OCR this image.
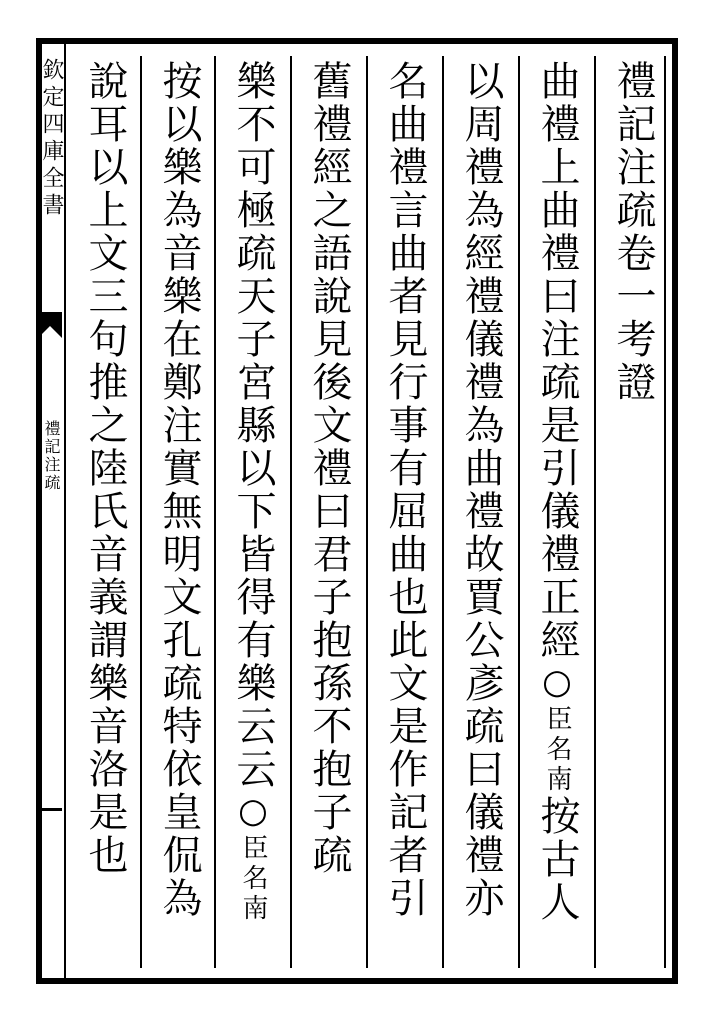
欽定四庫全書
禮記注疏
禮記注疏卷一考證
曲禮上曲禮曰注疏是引儀禮正經○臣名南按古人
以周禮為經禮儀禮為曲禮故賈公彥疏曰儀禮亦
名曲禮言曲者見行事有屈曲也此文是作記者引
舊禮經之語說見後文禮曰君子抱孫不抱子疏
樂不可極疏天子宮縣以下皆得有樂云云○臣名南
按以樂為音樂在鄭注實無明文孔疏特依皇侃為
說耳以上文三句推之陸氏音義謂樂音洛是也
